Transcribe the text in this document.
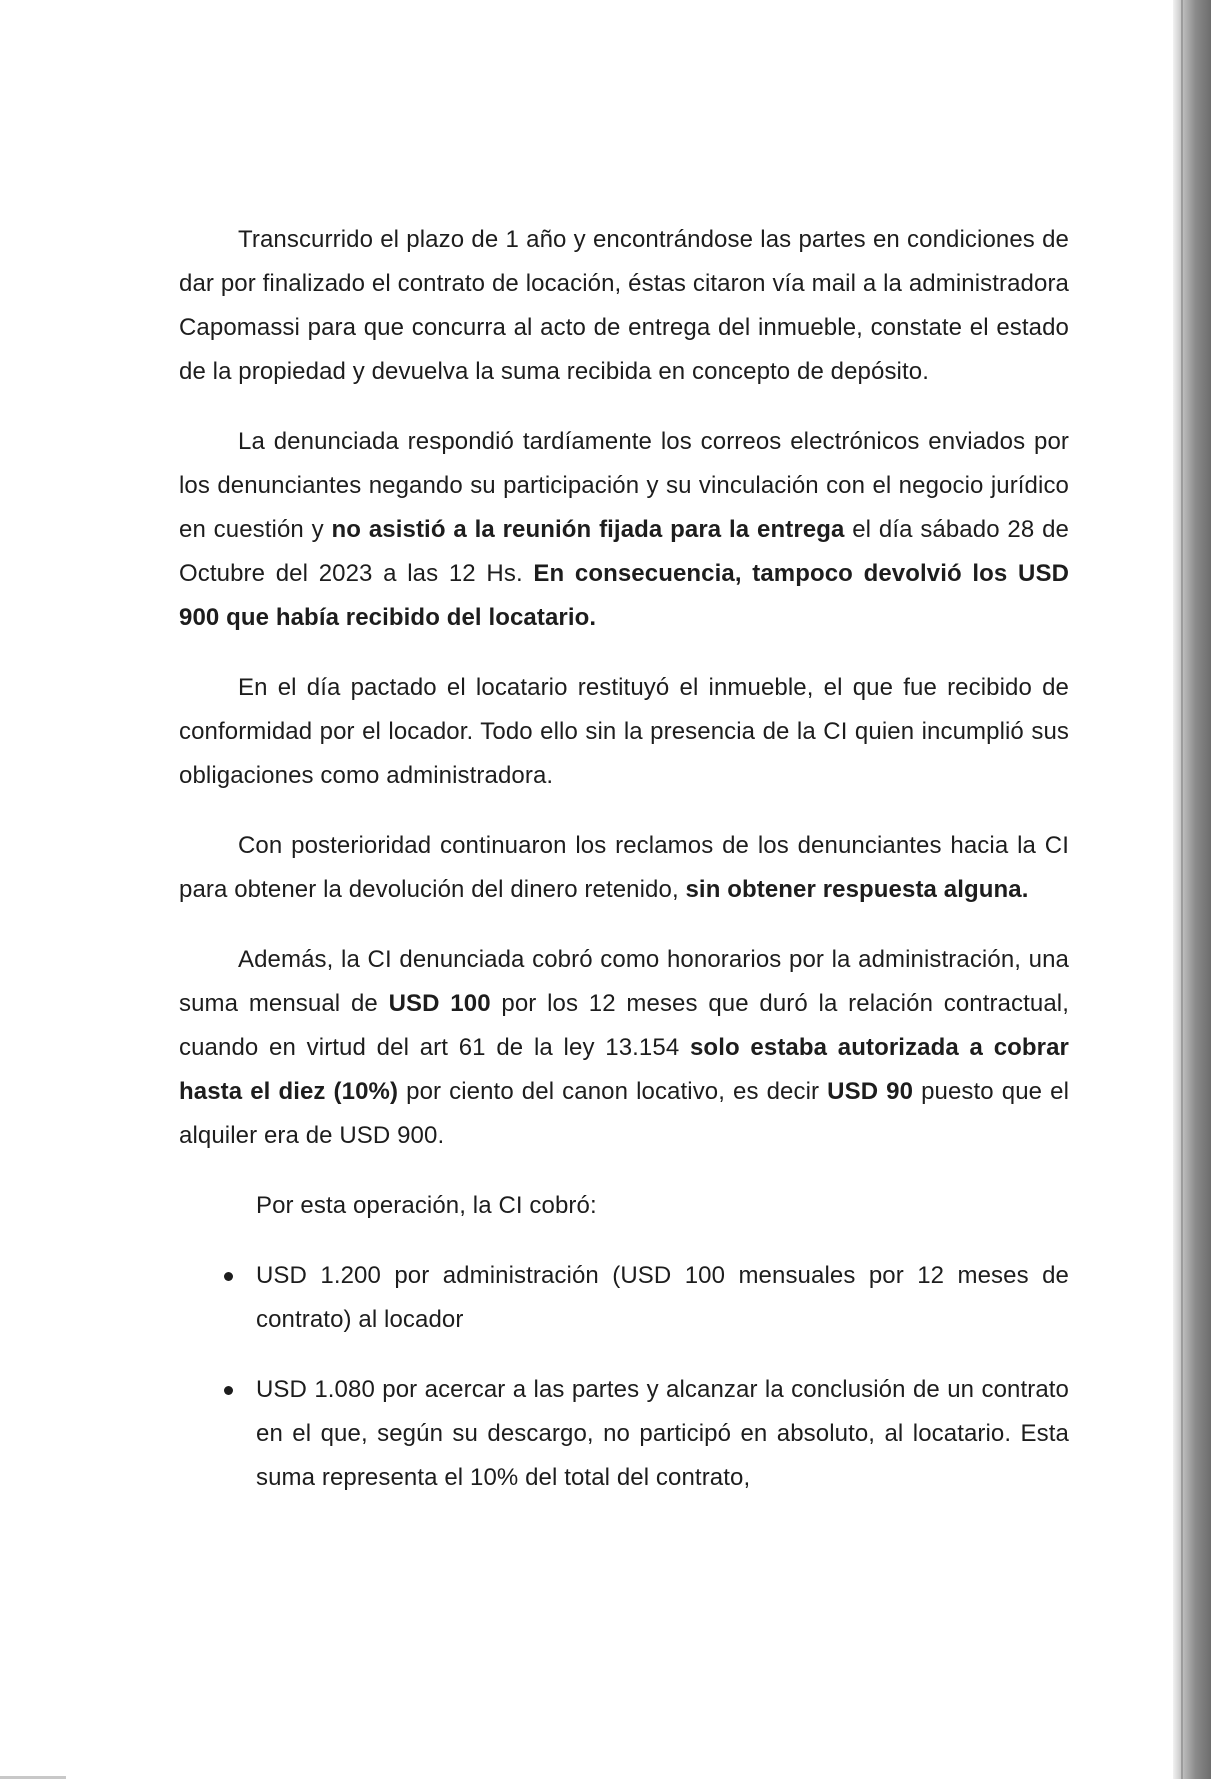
Transcurrido el plazo de 1 año y encontrándose las partes en condiciones de dar por finalizado el contrato de locación, éstas citaron vía mail a la administradora Capomassi para que concurra al acto de entrega del inmueble, constate el estado de la propiedad y devuelva la suma recibida en concepto de depósito.

La denunciada respondió tardíamente los correos electrónicos enviados por los denunciantes negando su participación y su vinculación con el negocio jurídico en cuestión y no asistió a la reunión fijada para la entrega el día sábado 28 de Octubre del 2023 a las 12 Hs. En consecuencia, tampoco devolvió los USD 900 que había recibido del locatario.

En el día pactado el locatario restituyó el inmueble, el que fue recibido de conformidad por el locador. Todo ello sin la presencia de la CI quien incumplió sus obligaciones como administradora.

Con posterioridad continuaron los reclamos de los denunciantes hacia la CI para obtener la devolución del dinero retenido, sin obtener respuesta alguna.

Además, la CI denunciada cobró como honorarios por la administración, una suma mensual de USD 100 por los 12 meses que duró la relación contractual, cuando en virtud del art 61 de la ley 13.154 solo estaba autorizada a cobrar hasta el diez (10%) por ciento del canon locativo, es decir USD 90 puesto que el alquiler era de USD 900.

Por esta operación, la CI cobró:

USD 1.200 por administración (USD 100 mensuales por 12 meses de contrato) al locador
USD 1.080 por acercar a las partes y alcanzar la conclusión de un contrato en el que, según su descargo, no participó en absoluto, al locatario. Esta suma representa el 10% del total del contrato,
